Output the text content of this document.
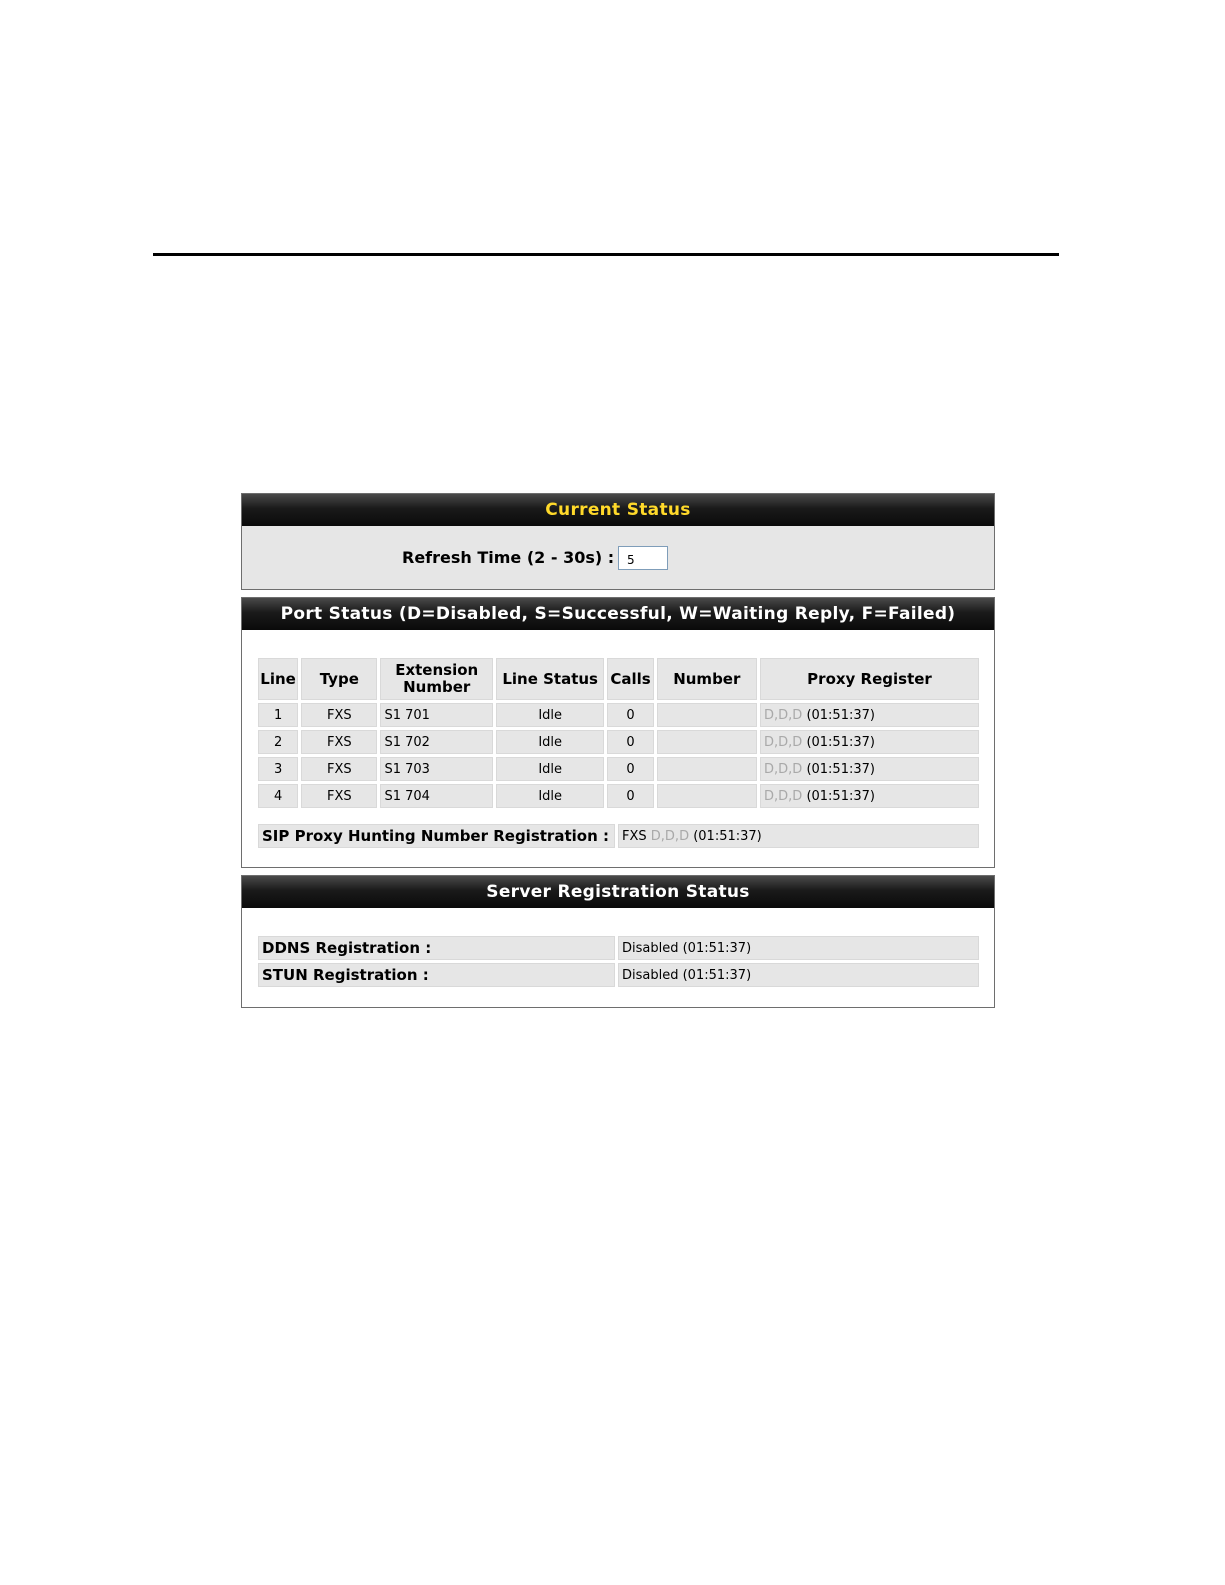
Current Status
Refresh Time (2 - 30s) :
5
Port Status (D=Disabled, S=Successful, W=Waiting Reply, F=Failed)
Line	Type	Extension Number	Line Status	Calls	Number	Proxy Register
1	FXS	S1 701	Idle	0		D,D,D (01:51:37)
2	FXS	S1 702	Idle	0		D,D,D (01:51:37)
3	FXS	S1 703	Idle	0		D,D,D (01:51:37)
4	FXS	S1 704	Idle	0		D,D,D (01:51:37)
SIP Proxy Hunting Number Registration :	FXS D,D,D (01:51:37)
Server Registration Status
DDNS Registration :	Disabled (01:51:37)
STUN Registration :	Disabled (01:51:37)
